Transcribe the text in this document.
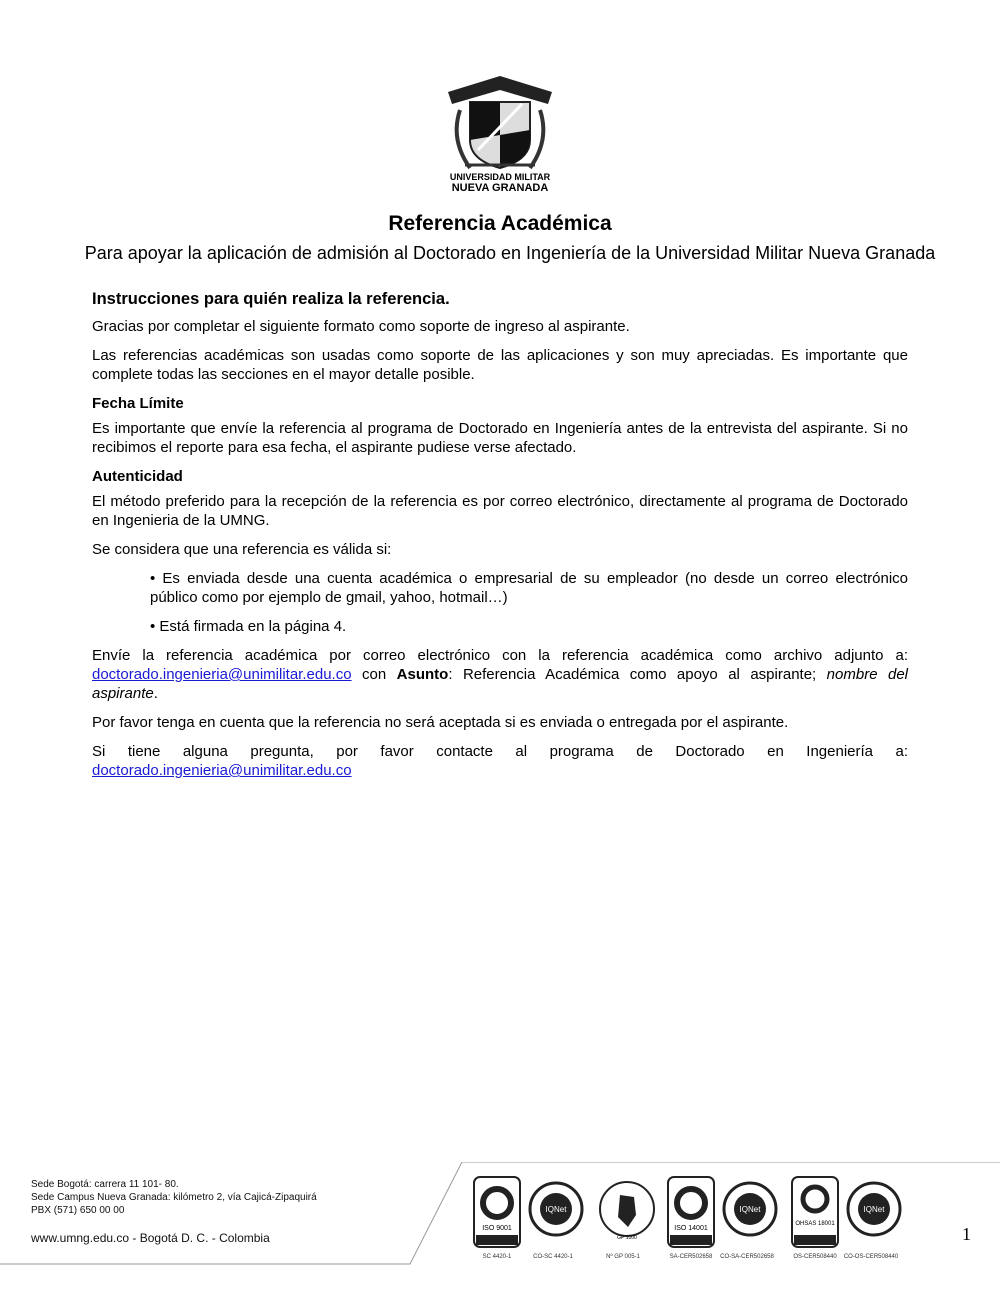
UNIVERSIDAD MILITAR
NUEVA GRANADA
Referencia Académica
Para apoyar la aplicación de admisión al Doctorado en Ingeniería de la Universidad Militar Nueva Granada
Instrucciones para quién realiza la referencia.

Gracias por completar el siguiente formato como soporte de ingreso al aspirante.

Las referencias académicas son usadas como soporte de las aplicaciones y son muy apreciadas. Es importante que complete todas las secciones en el mayor detalle posible.

Fecha Límite

Es importante que envíe la referencia al programa de Doctorado en Ingeniería antes de la entrevista del aspirante. Si no recibimos el reporte para esa fecha, el aspirante pudiese verse afectado.

Autenticidad

El método preferido para la recepción de la referencia es por correo electrónico, directamente al programa de Doctorado en Ingenieria de la UMNG.

Se considera que una referencia es válida si:

• Es enviada desde una cuenta académica o empresarial de su empleador (no desde un correo electrónico público como por ejemplo de gmail, yahoo, hotmail…)

• Está firmada en la página 4.

Envíe la referencia académica por correo electrónico con la referencia académica como archivo adjunto a: doctorado.ingenieria@unimilitar.edu.co con Asunto: Referencia Académica como apoyo al aspirante; nombre del aspirante.

Por favor tenga en cuenta que la referencia no será aceptada si es enviada o entregada por el aspirante.

Si tiene alguna pregunta, por favor contacte al programa de Doctorado en Ingeniería a: doctorado.ingenieria@unimilitar.edu.co

Sede Bogotá: carrera 11 101- 80.
Sede Campus Nueva Granada: kilómetro 2, vía Cajicá-Zipaquirá
PBX (571) 650 00 00
www.umng.edu.co - Bogotá D. C. - Colombia
ISO 9001
SC 4420-1
IQNet
CO-SC 4420-1
GP 1000
Nº GP 005-1
ISO 14001
SA-CER502658
IQNet
CO-SA-CER502658
OHSAS 18001
OS-CER508440
IQNet
CO-OS-CER508440
1
